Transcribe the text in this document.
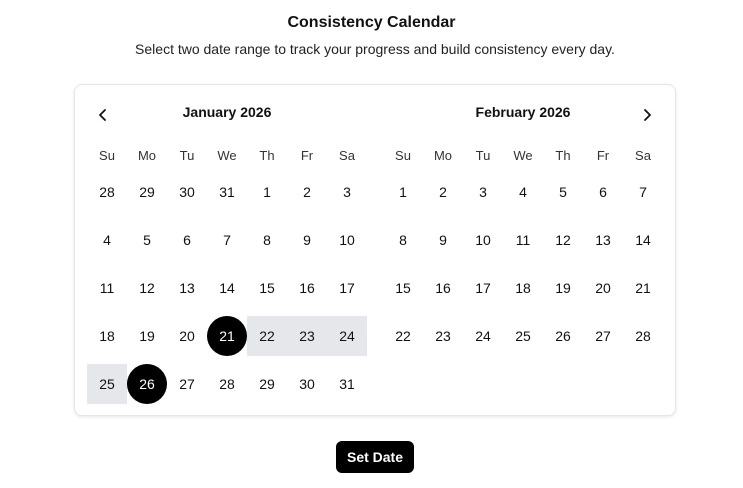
Consistency Calendar
Select two date range to track your progress and build consistency every day.
January 2026
Su	Mo	Tu	We	Th	Fr	Sa
28	29	30	31	1	2	3
4	5	6	7	8	9	10
11	12	13	14	15	16	17
18	19	20	21	22	23	24
25	26	27	28	29	30	31
February 2026
Su	Mo	Tu	We	Th	Fr	Sa
1	2	3	4	5	6	7
8	9	10	11	12	13	14
15	16	17	18	19	20	21
22	23	24	25	26	27	28
Set Date
